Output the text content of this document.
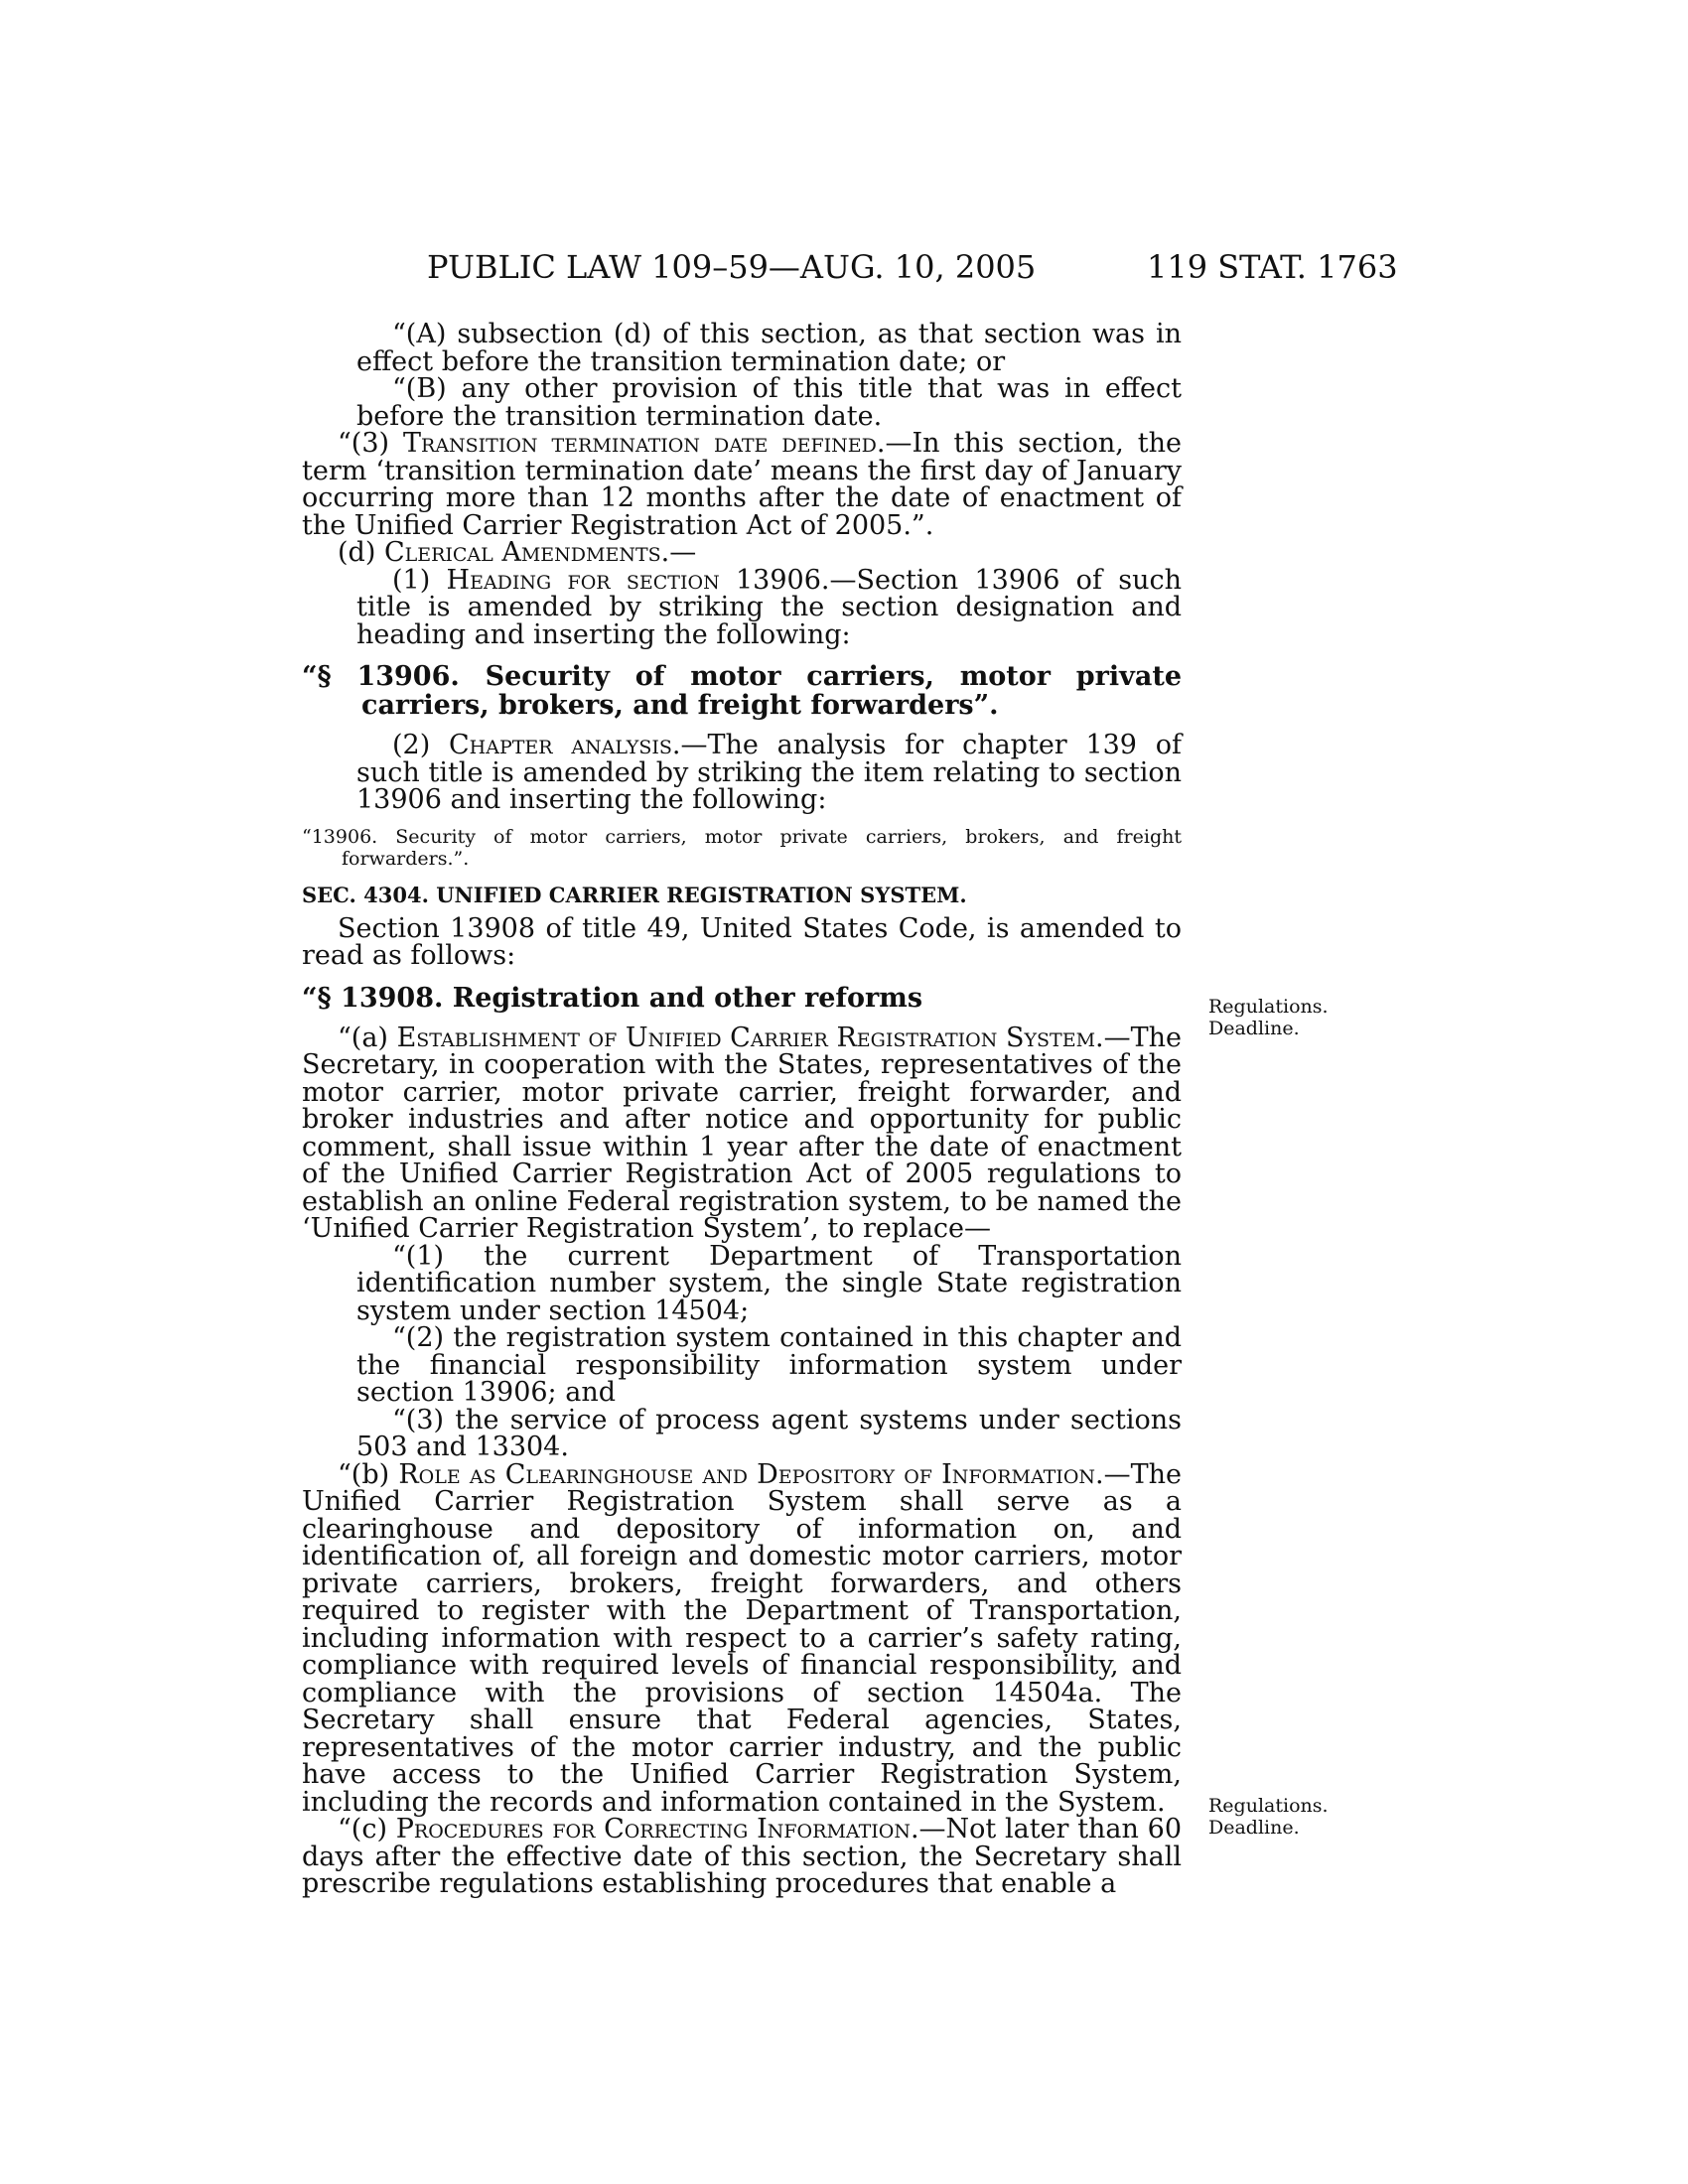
PUBLIC LAW 109–59—AUG. 10, 2005	119 STAT. 1763

“(A) subsection (d) of this section, as that section was in effect before the transition termination date; or

“(B) any other provision of this title that was in effect before the transition termination date.

“(3) Transition termination date defined.—In this section, the term ‘transition termination date’ means the first day of January occurring more than 12 months after the date of enactment of the Unified Carrier Registration Act of 2005.”.

(d) Clerical Amendments.—

(1) Heading for section 13906.—Section 13906 of such title is amended by striking the section designation and heading and inserting the following:

“§ 13906. Security of motor carriers, motor private carriers, brokers, and freight forwarders”.

(2) Chapter analysis.—The analysis for chapter 139 of such title is amended by striking the item relating to section 13906 and inserting the following:

“13906. Security of motor carriers, motor private carriers, brokers, and freight forwarders.”.

SEC. 4304. UNIFIED CARRIER REGISTRATION SYSTEM.

Section 13908 of title 49, United States Code, is amended to read as follows:

“§ 13908. Registration and other reforms

“(a) Establishment of Unified Carrier Registration System.—The Secretary, in cooperation with the States, representatives of the motor carrier, motor private carrier, freight forwarder, and broker industries and after notice and opportunity for public comment, shall issue within 1 year after the date of enactment of the Unified Carrier Registration Act of 2005 regulations to establish an online Federal registration system, to be named the ‘Unified Carrier Registration System’, to replace—

“(1) the current Department of Transportation identification number system, the single State registration system under section 14504;

“(2) the registration system contained in this chapter and the financial responsibility information system under section 13906; and

“(3) the service of process agent systems under sections 503 and 13304.

“(b) Role as Clearinghouse and Depository of Information.—The Unified Carrier Registration System shall serve as a clearinghouse and depository of information on, and identification of, all foreign and domestic motor carriers, motor private carriers, brokers, freight forwarders, and others required to register with the Department of Transportation, including information with respect to a carrier’s safety rating, compliance with required levels of financial responsibility, and compliance with the provisions of section 14504a. The Secretary shall ensure that Federal agencies, States, representatives of the motor carrier industry, and the public have access to the Unified Carrier Registration System, including the records and information contained in the System.

“(c) Procedures for Correcting Information.—Not later than 60 days after the effective date of this section, the Secretary shall prescribe regulations establishing procedures that enable a

Regulations.
Deadline.
Regulations.
Deadline.
